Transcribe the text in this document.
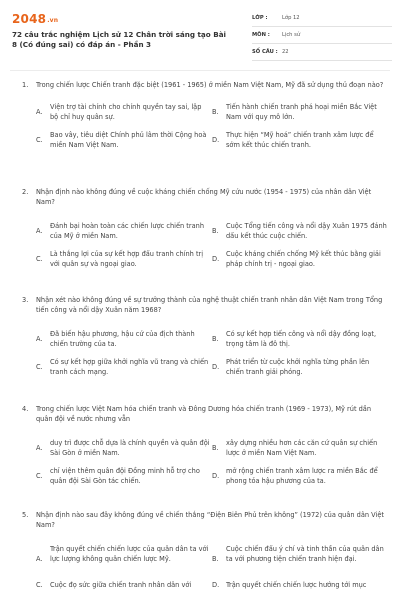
2048.vn
72 câu trắc nghiệm Lịch sử 12 Chân trời sáng tạo Bài 8 (Có đúng sai) có đáp án - Phần 3
LỚP :	Lớp 12
MÔN :	Lịch sử
SỐ CÂU : 22
1.	Trong chiến lược Chiến tranh đặc biệt (1961 - 1965) ở miền Nam Việt Nam, Mỹ đã sử dụng thủ đoạn nào?
A.
Viện trợ tài chính cho chính quyền tay sai, lập bộ chỉ huy quân sự.
B.
Tiến hành chiến tranh phá hoại miền Bắc Việt Nam với quy mô lớn.
C.
Bao vây, tiêu diệt Chính phủ lâm thời Cộng hoà miền Nam Việt Nam.
D.
Thực hiện “Mỹ hoá” chiến tranh xâm lược để sớm kết thúc chiến tranh.
2.	Nhận định nào không đúng về cuộc kháng chiến chống Mỹ cứu nước (1954 - 1975) của nhân dân Việt Nam?
A.
Đánh bại hoàn toàn các chiến lược chiến tranh của Mỹ ở miền Nam.
B.
Cuộc Tổng tiến công và nổi dậy Xuân 1975 đánh dấu kết thúc cuộc chiến.
C.
Là thắng lợi của sự kết hợp đấu tranh chính trị với quân sự và ngoại giao.
D.
Cuộc kháng chiến chống Mỹ kết thúc bằng giải pháp chính trị - ngoại giao.
3.	Nhận xét nào không đúng về sự trưởng thành của nghệ thuật chiến tranh nhân dân Việt Nam trong Tổng tiến công và nổi dậy Xuân năm 1968?
A.
Đã biến hậu phương, hậu cứ của địch thành chiến trường của ta.
B.
Có sự kết hợp tiến công và nổi dậy đồng loạt, trọng tâm là đô thị.
C.
Có sự kết hợp giữa khởi nghĩa vũ trang và chiến tranh cách mạng.
D.
Phát triển từ cuộc khởi nghĩa từng phần lên chiến tranh giải phóng.
4.	Trong chiến lược Việt Nam hóa chiến tranh và Đông Dương hóa chiến tranh (1969 - 1973), Mỹ rút dần quân đội về nước nhưng vẫn
A.
duy trì được chỗ dựa là chính quyền và quân đội Sài Gòn ở miền Nam.
B.
xây dựng nhiều hơn các căn cứ quân sự chiến lược ở miền Nam Việt Nam.
C.
chỉ viện thêm quân đội Đồng minh hỗ trợ cho quân đội Sài Gòn tác chiến.
D.
mở rộng chiến tranh xâm lược ra miền Bắc để phong tỏa hậu phương của ta.
5.	Nhận định nào sau đây không đúng về chiến thắng “Điện Biên Phủ trên không” (1972) của quân dân Việt Nam?
A.
Trận quyết chiến chiến lược của quân dân ta với lực lượng không quân chiến lược Mỹ.	B.
Cuộc chiến đấu ý chí và tinh thần của quân dân ta với phương tiện chiến tranh hiện đại.
C.	Cuộc đọ sức giữa chiến tranh nhân dân với	D.	Trận quyết chiến chiến lược hướng tới mục
